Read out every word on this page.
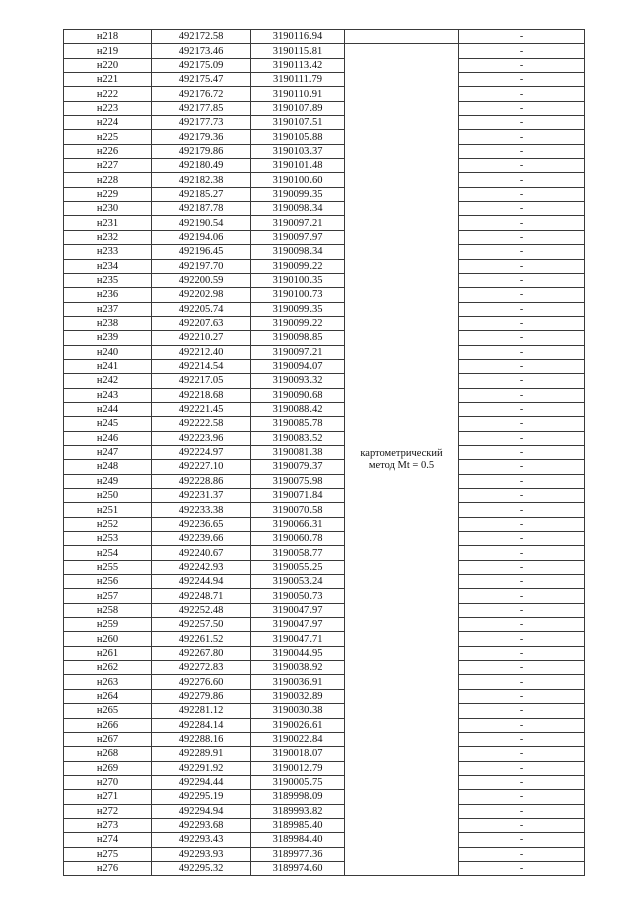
н218	492172.58	3190116.94		-
н219	492173.46	3190115.81	картометрический метод Mt = 0.5	-
н220	492175.09	3190113.42		-
н221	492175.47	3190111.79		-
н222	492176.72	3190110.91		-
н223	492177.85	3190107.89		-
н224	492177.73	3190107.51		-
н225	492179.36	3190105.88		-
н226	492179.86	3190103.37		-
н227	492180.49	3190101.48		-
н228	492182.38	3190100.60		-
н229	492185.27	3190099.35		-
н230	492187.78	3190098.34		-
н231	492190.54	3190097.21		-
н232	492194.06	3190097.97		-
н233	492196.45	3190098.34		-
н234	492197.70	3190099.22		-
н235	492200.59	3190100.35		-
н236	492202.98	3190100.73		-
н237	492205.74	3190099.35		-
н238	492207.63	3190099.22		-
н239	492210.27	3190098.85		-
н240	492212.40	3190097.21		-
н241	492214.54	3190094.07		-
н242	492217.05	3190093.32		-
н243	492218.68	3190090.68		-
н244	492221.45	3190088.42		-
н245	492222.58	3190085.78		-
н246	492223.96	3190083.52		-
н247	492224.97	3190081.38		-
н248	492227.10	3190079.37		-
н249	492228.86	3190075.98		-
н250	492231.37	3190071.84		-
н251	492233.38	3190070.58		-
н252	492236.65	3190066.31		-
н253	492239.66	3190060.78		-
н254	492240.67	3190058.77		-
н255	492242.93	3190055.25		-
н256	492244.94	3190053.24		-
н257	492248.71	3190050.73		-
н258	492252.48	3190047.97		-
н259	492257.50	3190047.97		-
н260	492261.52	3190047.71		-
н261	492267.80	3190044.95		-
н262	492272.83	3190038.92		-
н263	492276.60	3190036.91		-
н264	492279.86	3190032.89		-
н265	492281.12	3190030.38		-
н266	492284.14	3190026.61		-
н267	492288.16	3190022.84		-
н268	492289.91	3190018.07		-
н269	492291.92	3190012.79		-
н270	492294.44	3190005.75		-
н271	492295.19	3189998.09		-
н272	492294.94	3189993.82		-
н273	492293.68	3189985.40		-
н274	492293.43	3189984.40		-
н275	492293.93	3189977.36		-
н276	492295.32	3189974.60		-
